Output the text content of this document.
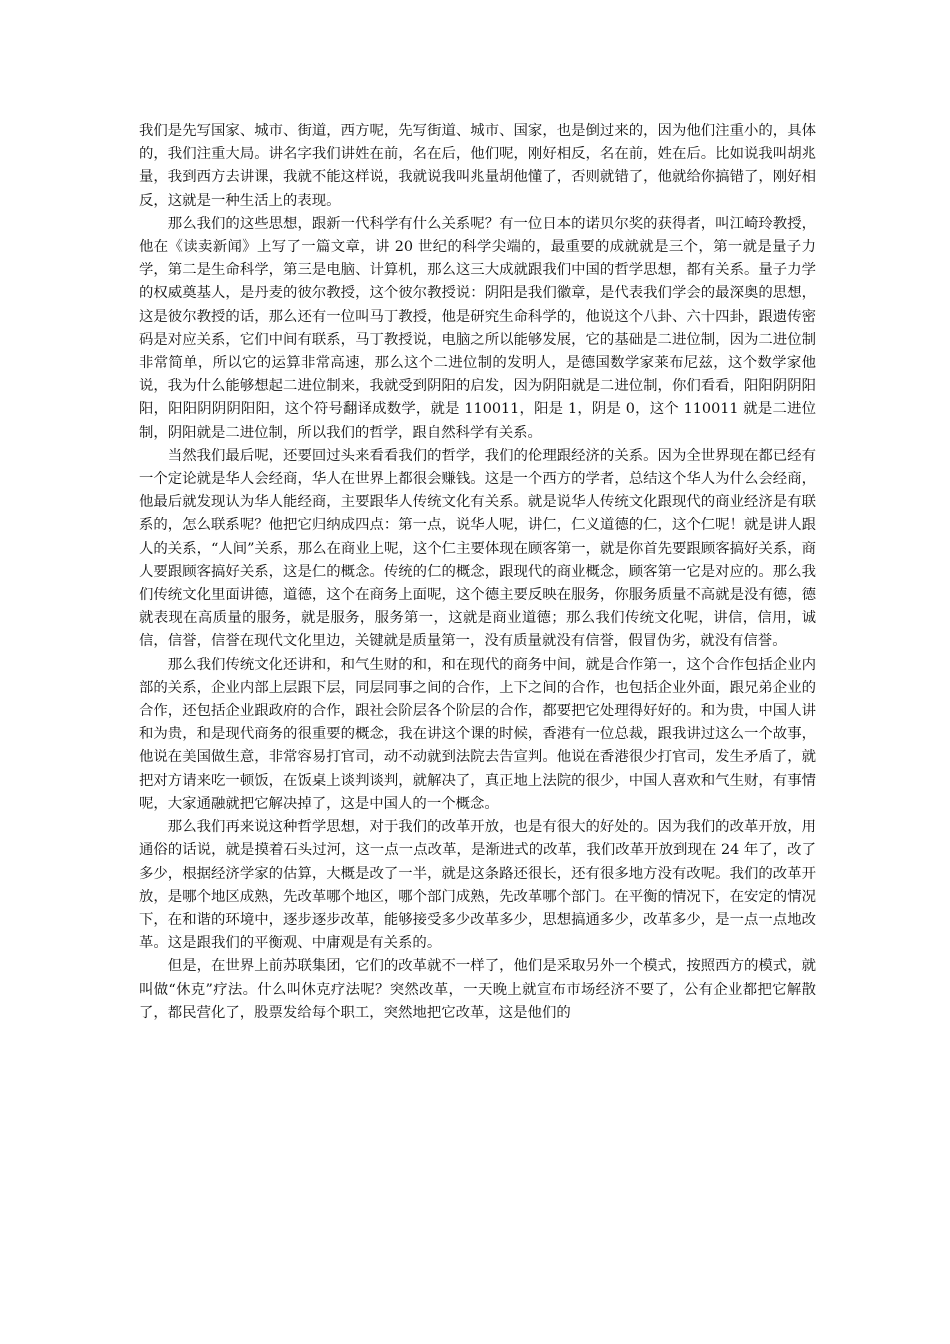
我们是先写国家、城市、街道，西方呢，先写街道、城市、国家，也是倒过来的，因为他们注重小的，具体的，我们注重大局。讲名字我们讲姓在前，名在后，他们呢，刚好相反，名在前，姓在后。比如说我叫胡兆量，我到西方去讲课，我就不能这样说，我就说我叫兆量胡他懂了，否则就错了，他就给你搞错了，刚好相反，这就是一种生活上的表现。

那么我们的这些思想，跟新一代科学有什么关系呢？有一位日本的诺贝尔奖的获得者，叫江崎玲教授，他在《读卖新闻》上写了一篇文章，讲 20 世纪的科学尖端的，最重要的成就就是三个，第一就是量子力学，第二是生命科学，第三是电脑、计算机，那么这三大成就跟我们中国的哲学思想，都有关系。量子力学的权威奠基人，是丹麦的彼尔教授，这个彼尔教授说：阴阳是我们徽章，是代表我们学会的最深奥的思想，这是彼尔教授的话，那么还有一位叫马丁教授，他是研究生命科学的，他说这个八卦、六十四卦，跟遗传密码是对应关系，它们中间有联系，马丁教授说，电脑之所以能够发展，它的基础是二进位制，因为二进位制非常简单，所以它的运算非常高速，那么这个二进位制的发明人，是德国数学家莱布尼兹，这个数学家他说，我为什么能够想起二进位制来，我就受到阴阳的启发，因为阴阳就是二进位制，你们看看，阳阳阴阴阳阳，阳阳阴阴阴阳阳，这个符号翻译成数学，就是 110011，阳是 1，阴是 0，这个 110011 就是二进位制，阴阳就是二进位制，所以我们的哲学，跟自然科学有关系。

当然我们最后呢，还要回过头来看看我们的哲学，我们的伦理跟经济的关系。因为全世界现在都已经有一个定论就是华人会经商，华人在世界上都很会赚钱。这是一个西方的学者，总结这个华人为什么会经商，他最后就发现认为华人能经商，主要跟华人传统文化有关系。就是说华人传统文化跟现代的商业经济是有联系的，怎么联系呢？他把它归纳成四点：第一点，说华人呢，讲仁，仁义道德的仁，这个仁呢！就是讲人跟人的关系，“人间”关系，那么在商业上呢，这个仁主要体现在顾客第一，就是你首先要跟顾客搞好关系，商人要跟顾客搞好关系，这是仁的概念。传统的仁的概念，跟现代的商业概念，顾客第一它是对应的。那么我们传统文化里面讲德，道德，这个在商务上面呢，这个德主要反映在服务，你服务质量不高就是没有德，德就表现在高质量的服务，就是服务，服务第一，这就是商业道德；那么我们传统文化呢，讲信，信用，诚信，信誉，信誉在现代文化里边，关键就是质量第一，没有质量就没有信誉，假冒伪劣，就没有信誉。

那么我们传统文化还讲和，和气生财的和，和在现代的商务中间，就是合作第一，这个合作包括企业内部的关系，企业内部上层跟下层，同层同事之间的合作，上下之间的合作，也包括企业外面，跟兄弟企业的合作，还包括企业跟政府的合作，跟社会阶层各个阶层的合作，都要把它处理得好好的。和为贵，中国人讲和为贵，和是现代商务的很重要的概念，我在讲这个课的时候，香港有一位总裁，跟我讲过这么一个故事，他说在美国做生意，非常容易打官司，动不动就到法院去告宣判。他说在香港很少打官司，发生矛盾了，就把对方请来吃一顿饭，在饭桌上谈判谈判，就解决了，真正地上法院的很少，中国人喜欢和气生财，有事情呢，大家通融就把它解决掉了，这是中国人的一个概念。

那么我们再来说这种哲学思想，对于我们的改革开放，也是有很大的好处的。因为我们的改革开放，用通俗的话说，就是摸着石头过河，这一点一点改革，是渐进式的改革，我们改革开放到现在 24 年了，改了多少，根据经济学家的估算，大概是改了一半，就是这条路还很长，还有很多地方没有改呢。我们的改革开放，是哪个地区成熟，先改革哪个地区，哪个部门成熟，先改革哪个部门。在平衡的情况下，在安定的情况下，在和谐的环境中，逐步逐步改革，能够接受多少改革多少，思想搞通多少，改革多少，是一点一点地改革。这是跟我们的平衡观、中庸观是有关系的。

但是，在世界上前苏联集团，它们的改革就不一样了，他们是采取另外一个模式，按照西方的模式，就叫做“休克”疗法。什么叫休克疗法呢？突然改革，一天晚上就宣布市场经济不要了，公有企业都把它解散了，都民营化了，股票发给每个职工，突然地把它改革，这是他们的
